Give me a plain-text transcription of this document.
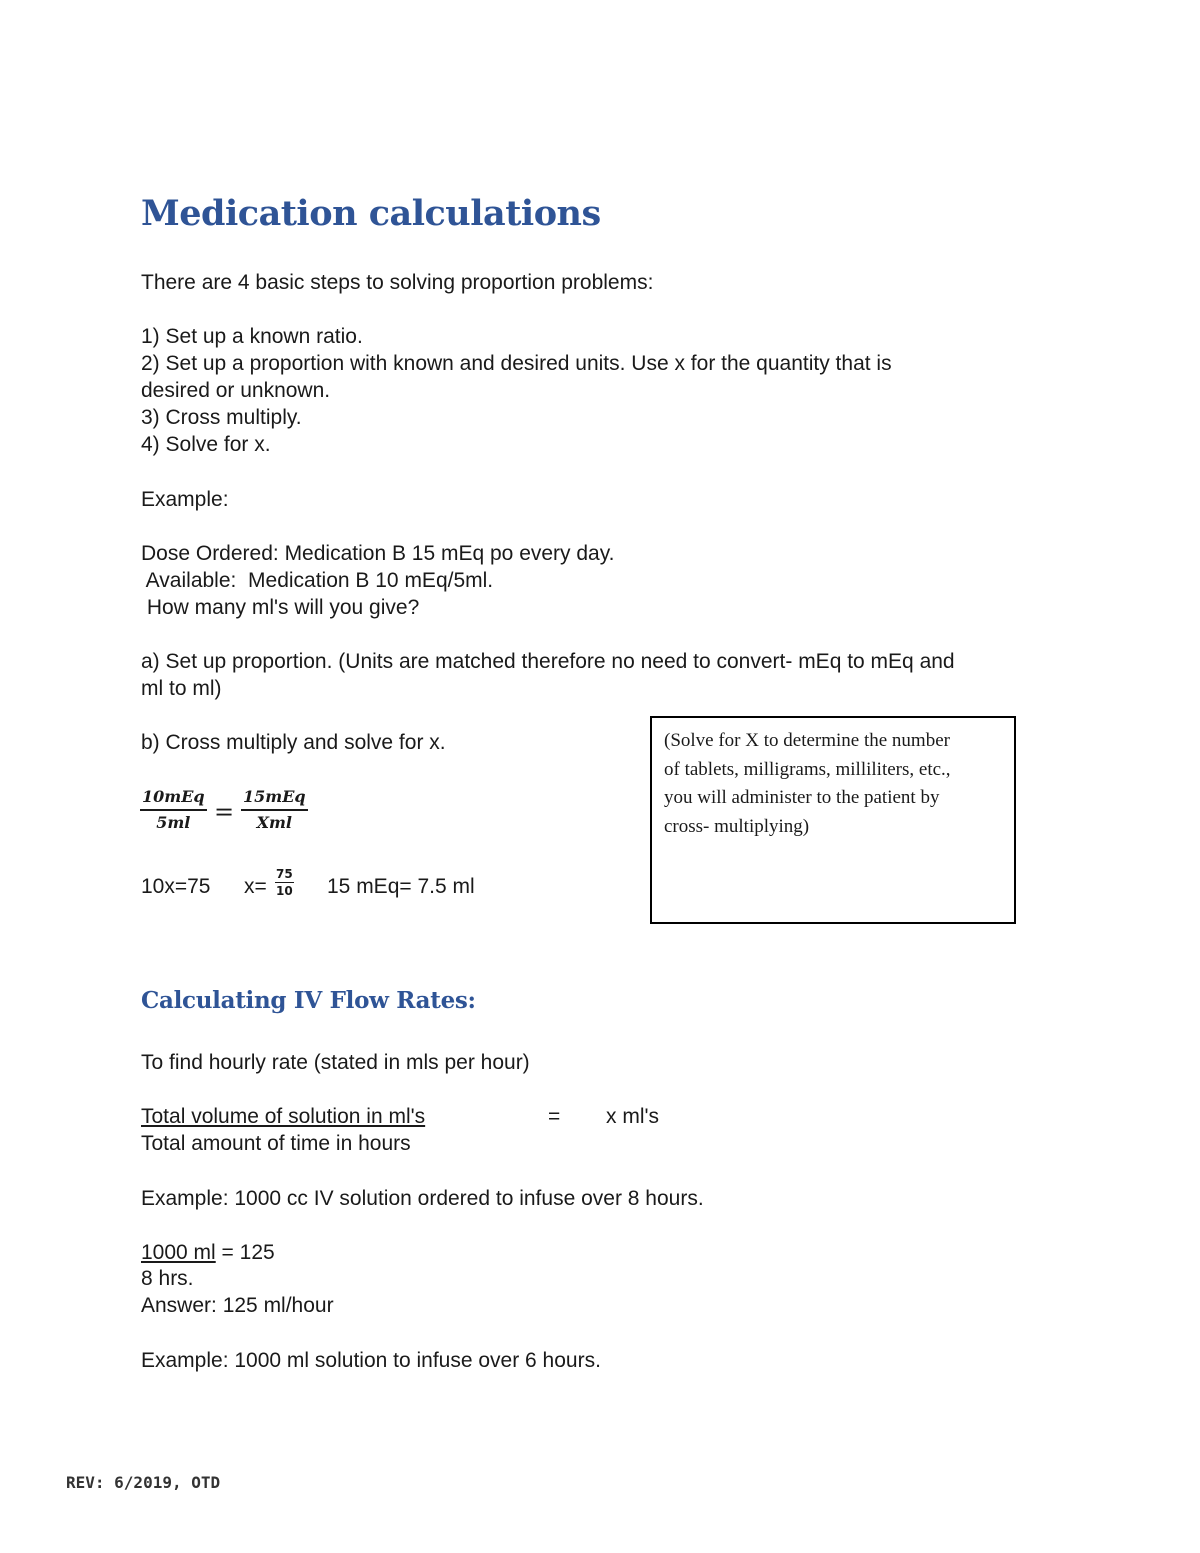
Medication calculations
There are 4 basic steps to solving proportion problems:
1) Set up a known ratio.
2) Set up a proportion with known and desired units. Use x for the quantity that is
desired or unknown.
3) Cross multiply.
4) Solve for x.
Example:
Dose Ordered: Medication B 15 mEq po every day.
Available:  Medication B 10 mEq/5ml.
How many ml's will you give?
a) Set up proportion. (Units are matched therefore no need to convert- mEq to mEq and
ml to ml)
b) Cross multiply and solve for x.
10mEq
5ml =
15mEq
Xml
10x=75 $x= \frac{75}{10} 15$ mEq= 7.5 ml
(Solve for X to determine the number
of tablets, milligrams, milliliters, etc.,
you will administer to the patient by
cross- multiplying)
Calculating IV Flow Rates:
To find hourly rate (stated in mls per hour)
Total volume of solution in ml's	= x ml's
Total amount of time in hours
Example: 1000 cc IV solution ordered to infuse over 8 hours.
1000 ml = 125
8 hrs.
Answer: 125 ml/hour
Example: 1000 ml solution to infuse over 6 hours.
REV: 6/2019, OTD
